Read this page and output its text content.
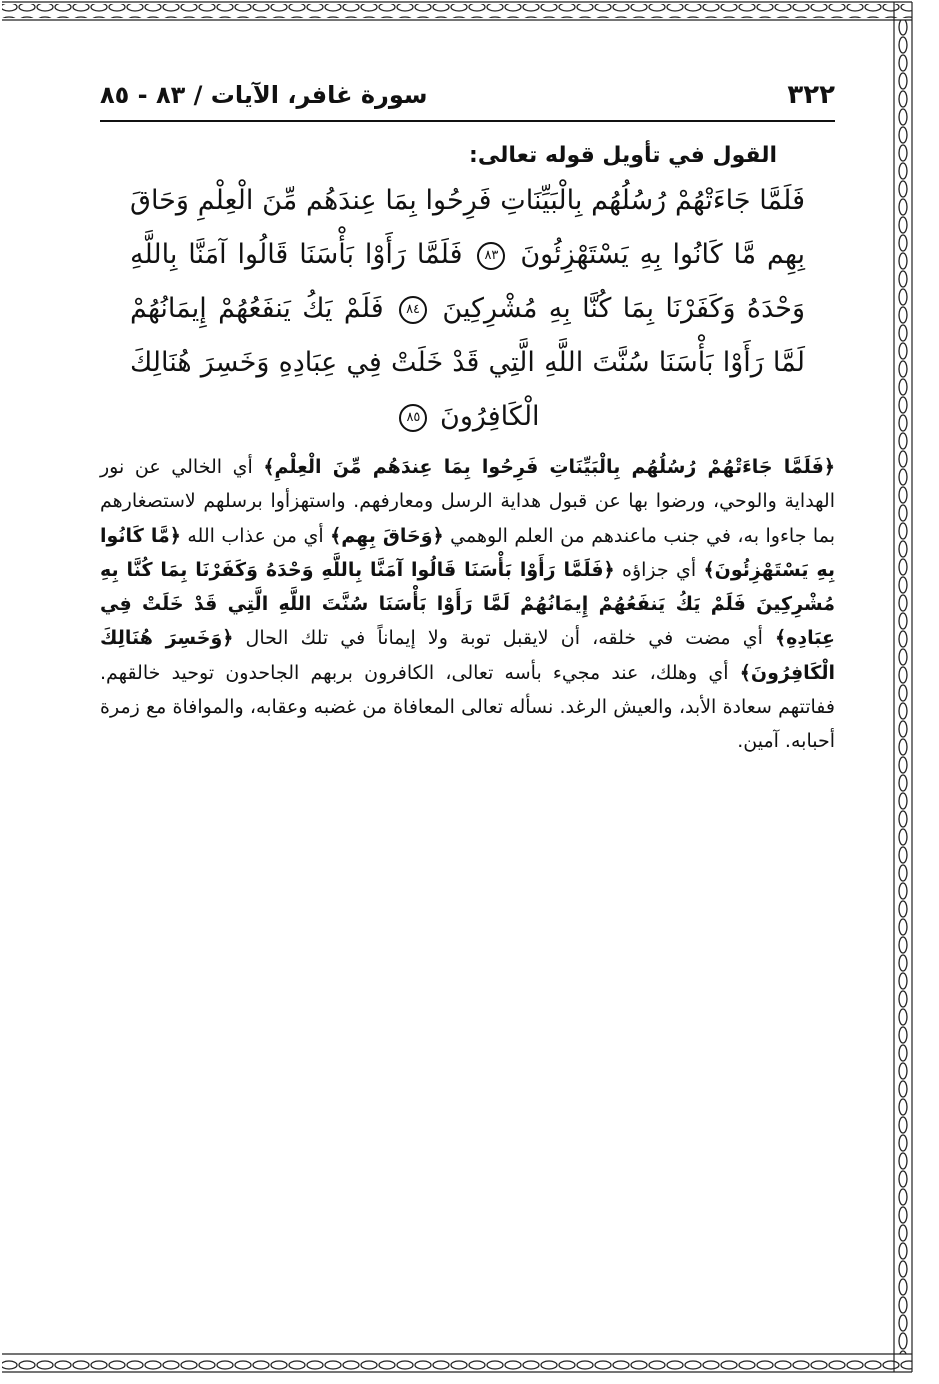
سورة غافر، الآيات / ٨٣ - ٨٥	٣٢٢
القول في تأويل قوله تعالى:
فَلَمَّا جَاءَتْهُمْ رُسُلُهُم بِالْبَيِّنَاتِ فَرِحُوا بِمَا عِندَهُم مِّنَ الْعِلْمِ وَحَاقَ بِهِم مَّا كَانُوا بِهِ يَسْتَهْزِئُونَ ٨٣ فَلَمَّا رَأَوْا بَأْسَنَا قَالُوا آمَنَّا بِاللَّهِ وَحْدَهُ وَكَفَرْنَا بِمَا كُنَّا بِهِ مُشْرِكِينَ ٨٤ فَلَمْ يَكُ يَنفَعُهُمْ إِيمَانُهُمْ لَمَّا رَأَوْا بَأْسَنَا سُنَّتَ اللَّهِ الَّتِي قَدْ خَلَتْ فِي عِبَادِهِ وَخَسِرَ هُنَالِكَ الْكَافِرُونَ ٨٥
﴿فَلَمَّا جَاءَتْهُمْ رُسُلُهُم بِالْبَيِّنَاتِ فَرِحُوا بِمَا عِندَهُم مِّنَ الْعِلْمِ﴾ أي الخالي عن نور الهداية والوحي، ورضوا بها عن قبول هداية الرسل ومعارفهم. واستهزأوا برسلهم لاستصغارهم بما جاءوا به، في جنب ماعندهم من العلم الوهمي ﴿وَحَاقَ بِهِم﴾ أي من عذاب الله ﴿مَّا كَانُوا بِهِ يَسْتَهْزِئُونَ﴾ أي جزاؤه ﴿فَلَمَّا رَأَوْا بَأْسَنَا قَالُوا آمَنَّا بِاللَّهِ وَحْدَهُ وَكَفَرْنَا بِمَا كُنَّا بِهِ مُشْرِكِينَ فَلَمْ يَكُ يَنفَعُهُمْ إِيمَانُهُمْ لَمَّا رَأَوْا بَأْسَنَا سُنَّتَ اللَّهِ الَّتِي قَدْ خَلَتْ فِي عِبَادِهِ﴾ أي مضت في خلقه، أن لايقبل توبة ولا إيماناً في تلك الحال ﴿وَخَسِرَ هُنَالِكَ الْكَافِرُونَ﴾ أي وهلك، عند مجيء بأسه تعالى، الكافرون بربهم الجاحدون توحيد خالقهم. ففاتتهم سعادة الأبد، والعيش الرغد. نسأله تعالى المعافاة من غضبه وعقابه، والموافاة مع زمرة أحبابه. آمين.
